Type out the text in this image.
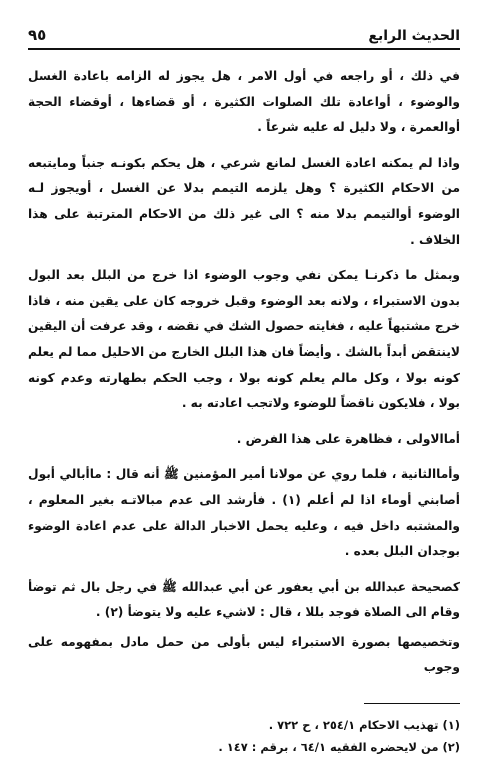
الحديث الرابع
٩٥

في ذلك ، أو راجعه في أول الامر ، هل يجوز له الزامه باعادة الغسل والوضوء ، أواعادة تلك الصلوات الكثيرة ، أو قضاءها ، أوقضاء الحجة أوالعمرة ، ولا دليل له عليه شرعاً .

واذا لم يمكنه اعادة الغسل لمانع شرعي ، هل يحكم بكونـه جنباً ومايتبعه من الاحكام الكثيرة ؟ وهل يلزمه التيمم بدلا عن الغسل ، أويجوز لـه الوضوء أوالتيمم بدلا منه ؟ الى غير ذلك من الاحكام المترتبة على هذا الخلاف .

وبمثل ما ذكرنـا يمكن نفي وجوب الوضوء اذا خرج من البلل بعد البول بدون الاستبراء ، ولانه بعد الوضوء وقبل خروجه كان على يقين منه ، فاذا خرج مشتبهاً عليه ، فغايته حصول الشك في نقضه ، وقد عرفت أن اليقين لاينتقض أبداً بالشك . وأيضاً فان هذا البلل الخارج من الاحليل مما لم يعلم كونه بولا ، وكل مالم يعلم كونه بولا ، وجب الحكم بطهارته وعدم كونه بولا ، فلايكون ناقضاً للوضوء ولاتجب اعادته به .

أماالاولى ، فظاهرة على هذا الفرض .

وأماالثانية ، فلما روي عن مولانا أمير المؤمنين ﷺ أنه قال : ماأبالي أبول أصابني أوماء اذا لم أعلم (١) . فأرشد الى عدم مبالاتـه بغير المعلوم ، والمشتبه داخل فيه ، وعليه يحمل الاخبار الدالة على عدم اعادة الوضوء بوجدان البلل بعده .

كصحيحة عبدالله بن أبي يعفور عن أبي عبدالله ﷺ في رجل بال ثم توضأ وقام الى الصلاة فوجد بللا ، قال : لاشيء عليه ولا يتوضأ (٢) .

وتخصيصها بصورة الاستبراء ليس بأولى من حمل مادل بمفهومه على وجوب

(١) تهذيب الاحكام ٢٥٤/١ ، ح ٧٢٢ .
(٢) من لايحضره الفقيه ٦٤/١ ، برقم : ١٤٧ .
